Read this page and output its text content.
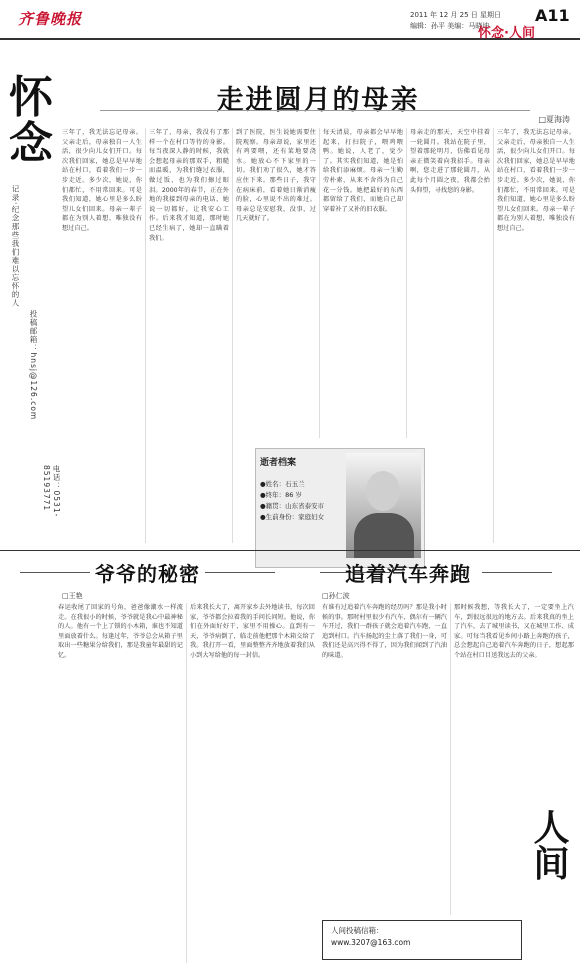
齐鲁晚报	2011 年 12 月 25 日 星期日
编辑：孙平 美编：马晓迪
A11
怀念·人间
怀念
记录·纪念那些我们难以忘怀的人
投稿邮箱：hnsj@126.com
电话：0531-85193771
走进圆月的母亲
□夏海涛
三年了，我无法忘记母亲。父亲走后，母亲独自一人生活，很少向儿女们开口。每次我们回家，她总是早早地站在村口，看着我们一步一步走近。多少次，她说，你们都忙，不用常回来。可是我们知道，她心里是多么盼望儿女们回来。母亲一辈子都在为别人着想，唯独没有想过自己。
三年了，母亲，我没有了那样一个在村口等待的身影。每当夜深人静的时候，我就会想起母亲的那双手，粗糙而温暖，为我们缝过衣服，做过饭，也为我们擦过眼泪。2000年的春节，正在外地的我接到母亲的电话，她说一切都好，让我安心工作。后来我才知道，那时她已经生病了，她却一直瞒着我们。
到了医院，医生说她需要住院观察。母亲却说，家里还有鸡要喂，还有菜地要浇水。她放心不下家里的一切。我们劝了很久，她才答应住下来。那些日子，我守在病床前，看着她日渐消瘦的脸，心里说不出的难过。母亲总是安慰我，没事，过几天就好了。
每天清晨，母亲都会早早地起来，打扫院子，喂鸡喂鸭。她说，人老了，觉少了。其实我们知道，她是怕给我们添麻烦。母亲一生勤劳朴素，从来不舍得为自己花一分钱。她把最好的东西都留给了我们，而她自己却穿着补了又补的旧衣服。
母亲走的那天，天空中挂着一轮圆月。我站在院子里，望着那轮明月，仿佛看见母亲正微笑着向我招手。母亲啊，您走进了那轮圆月，从此每个月圆之夜，我都会抬头仰望，寻找您的身影。
三年了，我无法忘记母亲。父亲走后，母亲独自一人生活，很少向儿女们开口。每次我们回家，她总是早早地站在村口，看着我们一步一步走近。多少次，她说，你们都忙，不用常回来。可是我们知道，她心里是多么盼望儿女们回来。母亲一辈子都在为别人着想，唯独没有想过自己。
逝者档案
●姓名：石玉兰
●终年：86 岁
●籍贯：山东省泰安市
●生前身份：家庭妇女
爷爷的秘密
□王艳
春运收尾了回家的号角，爸爸像潮水一样流走。在我很小的时候，爷爷就是我心中最神秘的人。他有一个上了锁的小木箱，谁也不知道里面放着什么。每逢过年，爷爷总会从箱子里取出一些糖果分给我们，那是我童年最甜的记忆。
后来我长大了，离开家乡去外地读书，每次回家，爷爷都会拉着我的手问长问短。他说，你们在外面好好干，家里不用操心。直到有一天，爷爷病倒了，临走前他把那个木箱交给了我。我打开一看，里面整整齐齐地放着我们从小到大写给他的每一封信。
追着汽车奔跑
□孙仁波
有谁有过追着汽车奔跑的经历吗？那是我小时候的事。那时村里很少有汽车，偶尔有一辆汽车开过，我们一群孩子就会追着汽车跑，一直追到村口。汽车扬起的尘土落了我们一身，可我们还是高兴得不得了，因为我们闻到了汽油的味道。
那时候我想，等我长大了，一定要坐上汽车，到很远很远的地方去。后来我真的坐上了汽车，去了城里读书，又在城里工作、成家。可每当我看见乡间小路上奔跑的孩子，总会想起自己追着汽车奔跑的日子，想起那个站在村口目送我远去的父亲。
人间投稿信箱：
www.3207@163.com
人
间
